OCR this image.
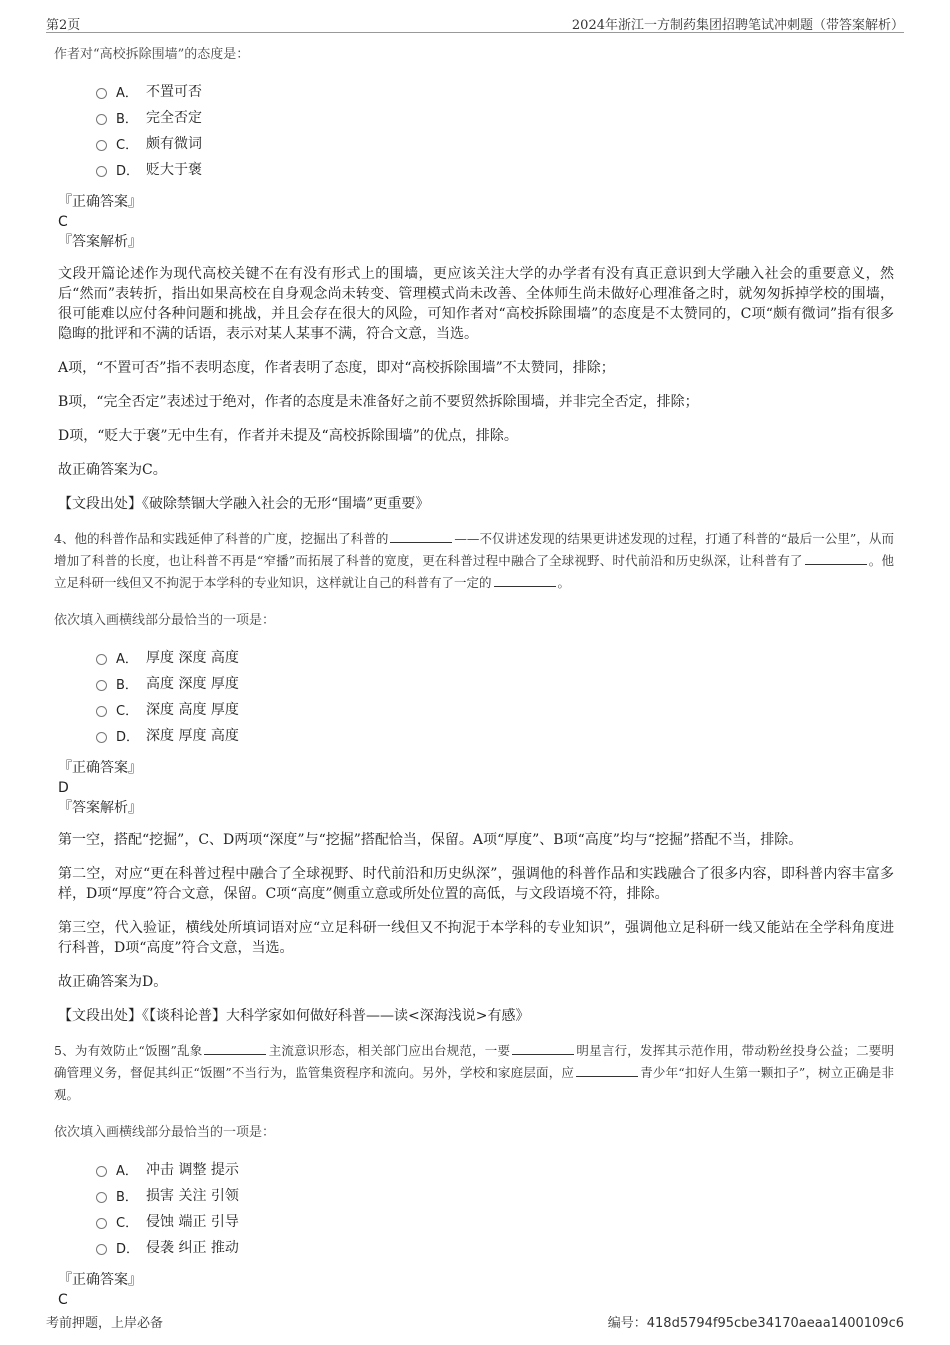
第2页	2024年浙江一方制药集团招聘笔试冲刺题（带答案解析）

作者对“高校拆除围墙”的态度是：

A． 不置可否
B． 完全否定
C． 颇有微词
D． 贬大于褒

『正确答案』

C

『答案解析』

文段开篇论述作为现代高校关键不在有没有形式上的围墙，更应该关注大学的办学者有没有真正意识到大学融入社会的重要意义，然后“然而”表转折，指出如果高校在自身观念尚未转变、管理模式尚未改善、全体师生尚未做好心理准备之时，就匆匆拆掉学校的围墙，很可能难以应付各种问题和挑战，并且会存在很大的风险，可知作者对“高校拆除围墙”的态度是不太赞同的，C项“颇有微词”指有很多隐晦的批评和不满的话语，表示对某人某事不满，符合文意，当选。

A项，“不置可否”指不表明态度，作者表明了态度，即对“高校拆除围墙”不太赞同，排除；

B项，“完全否定”表述过于绝对，作者的态度是未准备好之前不要贸然拆除围墙，并非完全否定，排除；

D项，“贬大于褒”无中生有，作者并未提及“高校拆除围墙”的优点，排除。

故正确答案为C。

【文段出处】《破除禁锢大学融入社会的无形“围墙”更重要》

4、他的科普作品和实践延伸了科普的广度，挖掘出了科普的	——不仅讲述发现的结果更讲述发现的过程，打通了科普的“最后一公里”，从而增加了科普的长度，也让科普不再是“窄播”而拓展了科普的宽度，更在科普过程中融合了全球视野、时代前沿和历史纵深，让科普有了	。他立足科研一线但又不拘泥于本学科的专业知识，这样就让自己的科普有了一定的	。

依次填入画横线部分最恰当的一项是：

A． 厚度 深度 高度
B． 高度 深度 厚度
C． 深度 高度 厚度
D． 深度 厚度 高度

『正确答案』

D

『答案解析』

第一空，搭配“挖掘”，C、D两项“深度”与“挖掘”搭配恰当，保留。A项“厚度”、B项“高度”均与“挖掘”搭配不当，排除。

第二空，对应“更在科普过程中融合了全球视野、时代前沿和历史纵深”，强调他的科普作品和实践融合了很多内容，即科普内容丰富多样，D项“厚度”符合文意，保留。C项“高度”侧重立意或所处位置的高低，与文段语境不符，排除。

第三空，代入验证，横线处所填词语对应“立足科研一线但又不拘泥于本学科的专业知识”，强调他立足科研一线又能站在全学科角度进行科普，D项“高度”符合文意，当选。

故正确答案为D。

【文段出处】《【谈科论普】大科学家如何做好科普——读<深海浅说>有感》

5、为有效防止“饭圈”乱象	主流意识形态，相关部门应出台规范，一要	明星言行，发挥其示范作用，带动粉丝投身公益；二要明确管理义务，督促其纠正“饭圈”不当行为，监管集资程序和流向。另外，学校和家庭层面，应	青少年“扣好人生第一颗扣子”，树立正确是非观。

依次填入画横线部分最恰当的一项是：

A． 冲击 调整 提示
B． 损害 关注 引领
C． 侵蚀 端正 引导
D． 侵袭 纠正 推动

『正确答案』

C

考前押题，上岸必备	编号：418d5794f95cbe34170aeaa1400109c6
